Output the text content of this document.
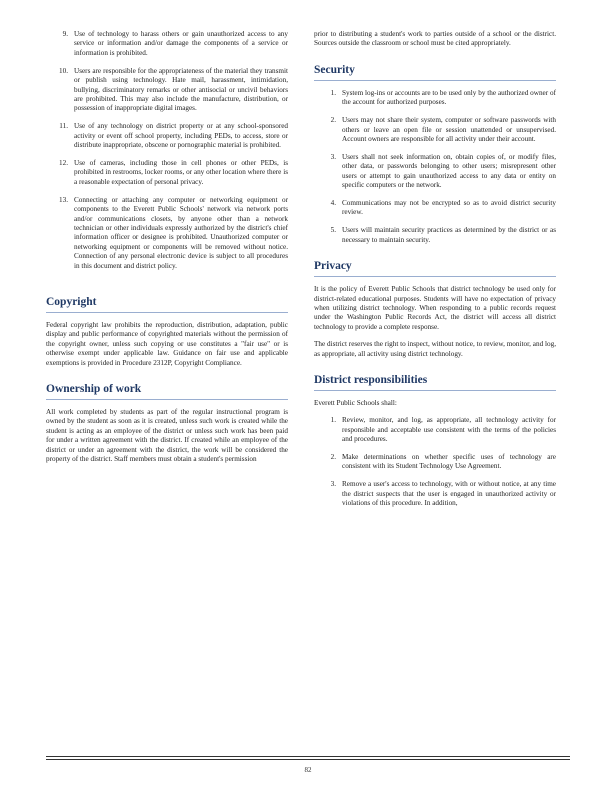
9. Use of technology to harass others or gain unauthorized access to any service or information and/or damage the components of a service or information is prohibited.
10. Users are responsible for the appropriateness of the material they transmit or publish using technology. Hate mail, harassment, intimidation, bullying, discriminatory remarks or other antisocial or uncivil behaviors are prohibited. This may also include the manufacture, distribution, or possession of inappropriate digital images.
11. Use of any technology on district property or at any school-sponsored activity or event off school property, including PEDs, to access, store or distribute inappropriate, obscene or pornographic material is prohibited.
12. Use of cameras, including those in cell phones or other PEDs, is prohibited in restrooms, locker rooms, or any other location where there is a reasonable expectation of personal privacy.
13. Connecting or attaching any computer or networking equipment or components to the Everett Public Schools' network via network ports and/or communications closets, by anyone other than a network technician or other individuals expressly authorized by the district's chief information officer or designee is prohibited. Unauthorized computer or networking equipment or components will be removed without notice. Connection of any personal electronic device is subject to all procedures in this document and district policy.
Copyright

Federal copyright law prohibits the reproduction, distribution, adaptation, public display and public performance of copyrighted materials without the permission of the copyright owner, unless such copying or use constitutes a "fair use" or is otherwise exempt under applicable law. Guidance on fair use and applicable exemptions is provided in Procedure 2312P, Copyright Compliance.

Ownership of work

All work completed by students as part of the regular instructional program is owned by the student as soon as it is created, unless such work is created while the student is acting as an employee of the district or unless such work has been paid for under a written agreement with the district. If created while an employee of the district or under an agreement with the district, the work will be considered the property of the district. Staff members must obtain a student's permission

prior to distributing a student's work to parties outside of a school or the district. Sources outside the classroom or school must be cited appropriately.

Security
1. System log-ins or accounts are to be used only by the authorized owner of the account for authorized purposes.
2. Users may not share their system, computer or software passwords with others or leave an open file or session unattended or unsupervised. Account owners are responsible for all activity under their account.
3. Users shall not seek information on, obtain copies of, or modify files, other data, or passwords belonging to other users; misrepresent other users or attempt to gain unauthorized access to any data or entity on specific computers or the network.
4. Communications may not be encrypted so as to avoid district security review.
5. Users will maintain security practices as determined by the district or as necessary to maintain security.
Privacy

It is the policy of Everett Public Schools that district technology be used only for district-related educational purposes. Students will have no expectation of privacy when utilizing district technology. When responding to a public records request under the Washington Public Records Act, the district will access all district technology to provide a complete response.

The district reserves the right to inspect, without notice, to review, monitor, and log, as appropriate, all activity using district technology.

District responsibilities

Everett Public Schools shall:

1. Review, monitor, and log, as appropriate, all technology activity for responsible and acceptable use consistent with the terms of the policies and procedures.
2. Make determinations on whether specific uses of technology are consistent with its Student Technology Use Agreement.
3. Remove a user's access to technology, with or without notice, at any time the district suspects that the user is engaged in unauthorized activity or violations of this procedure. In addition,
82
